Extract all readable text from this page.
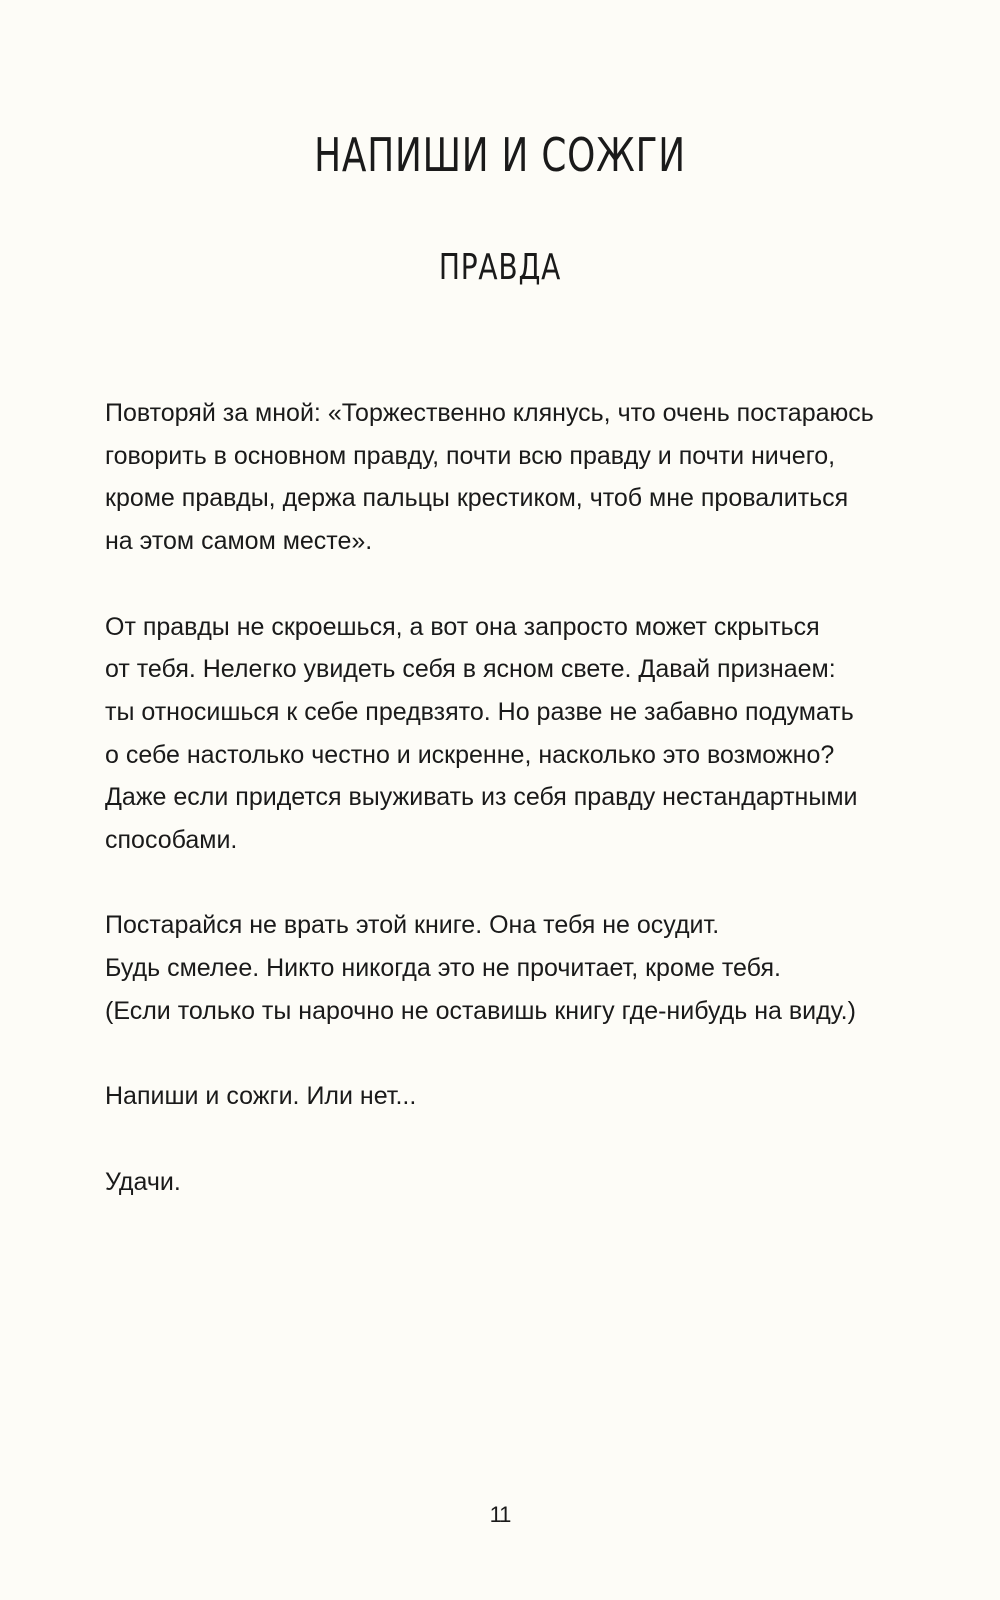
НАПИШИ И СОЖГИ
ПРАВДА

Повторяй за мной: «Торжественно клянусь, что очень постараюсь
говорить в основном правду, почти всю правду и почти ничего,
кроме правды, держа пальцы крестиком, чтоб мне провалиться
на этом самом месте».

От правды не скроешься, а вот она запросто может скрыться
от тебя. Нелегко увидеть себя в ясном свете. Давай признаем:
ты относишься к себе предвзято. Но разве не забавно подумать
о себе настолько честно и искренне, насколько это возможно?
Даже если придется выуживать из себя правду нестандартными
способами.

Постарайся не врать этой книге. Она тебя не осудит.
Будь смелее. Никто никогда это не прочитает, кроме тебя.
(Если только ты нарочно не оставишь книгу где-нибудь на виду.)

Напиши и сожги. Или нет...

Удачи.

11
